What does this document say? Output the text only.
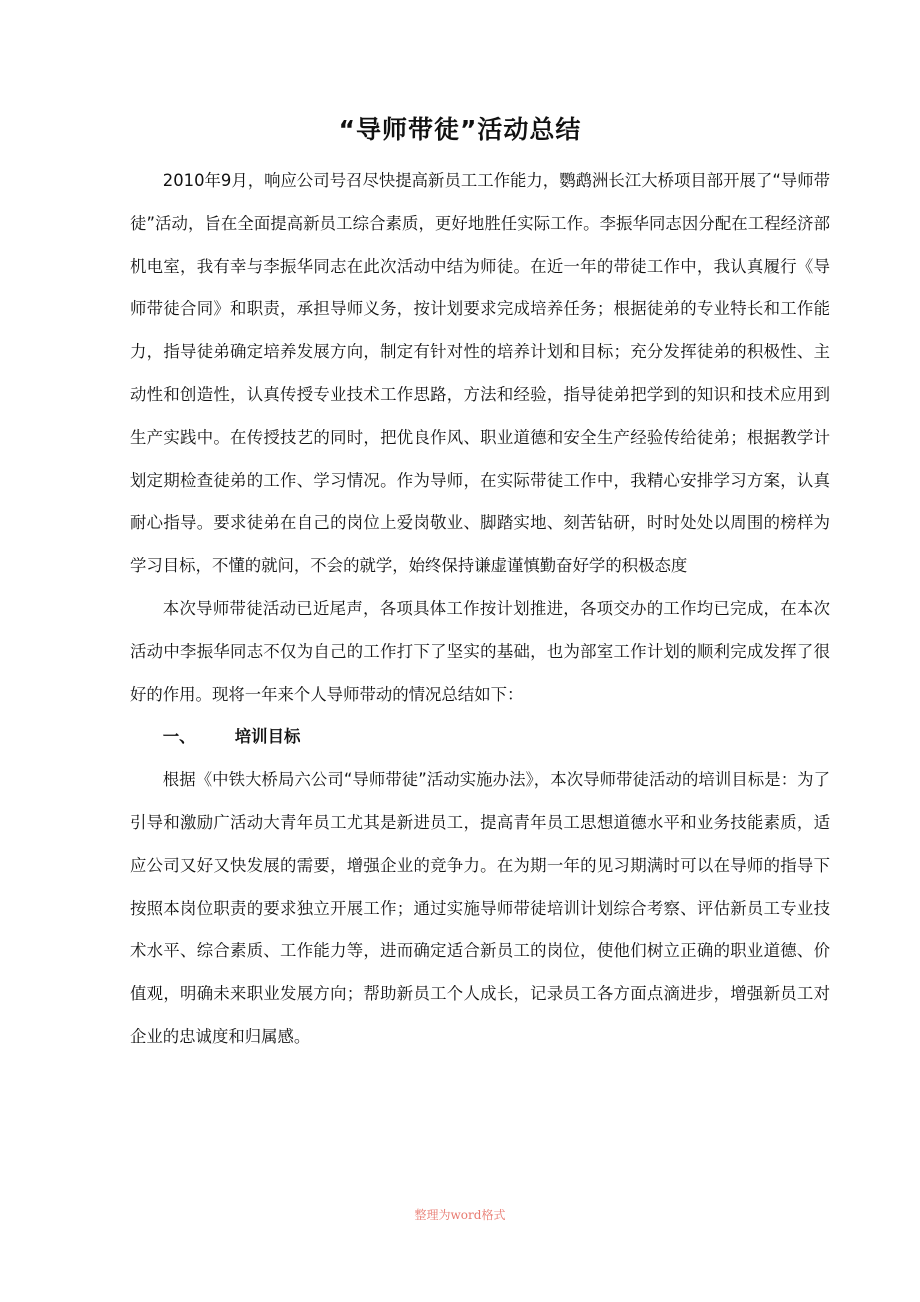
“导师带徒”活动总结

2010年9月，响应公司号召尽快提高新员工工作能力，鹦鹉洲长江大桥项目部开展了“导师带徒”活动，旨在全面提高新员工综合素质，更好地胜任实际工作。李振华同志因分配在工程经济部机电室，我有幸与李振华同志在此次活动中结为师徒。在近一年的带徒工作中，我认真履行《导师带徒合同》和职责，承担导师义务，按计划要求完成培养任务；根据徒弟的专业特长和工作能力，指导徒弟确定培养发展方向，制定有针对性的培养计划和目标；充分发挥徒弟的积极性、主动性和创造性，认真传授专业技术工作思路，方法和经验，指导徒弟把学到的知识和技术应用到生产实践中。在传授技艺的同时，把优良作风、职业道德和安全生产经验传给徒弟；根据教学计划定期检查徒弟的工作、学习情况。作为导师，在实际带徒工作中，我精心安排学习方案，认真耐心指导。要求徒弟在自己的岗位上爱岗敬业、脚踏实地、刻苦钻研，时时处处以周围的榜样为学习目标，不懂的就问，不会的就学，始终保持谦虚谨慎勤奋好学的积极态度

本次导师带徒活动已近尾声，各项具体工作按计划推进，各项交办的工作均已完成，在本次活动中李振华同志不仅为自己的工作打下了坚实的基础，也为部室工作计划的顺利完成发挥了很好的作用。现将一年来个人导师带动的情况总结如下：

一、 培训目标

根据《中铁大桥局六公司“导师带徒”活动实施办法》，本次导师带徒活动的培训目标是：为了引导和激励广活动大青年员工尤其是新进员工，提高青年员工思想道德水平和业务技能素质，适应公司又好又快发展的需要，增强企业的竞争力。在为期一年的见习期满时可以在导师的指导下按照本岗位职责的要求独立开展工作；通过实施导师带徒培训计划综合考察、评估新员工专业技术水平、综合素质、工作能力等，进而确定适合新员工的岗位，使他们树立正确的职业道德、价值观，明确未来职业发展方向；帮助新员工个人成长，记录员工各方面点滴进步，增强新员工对企业的忠诚度和归属感。

整理为word格式
